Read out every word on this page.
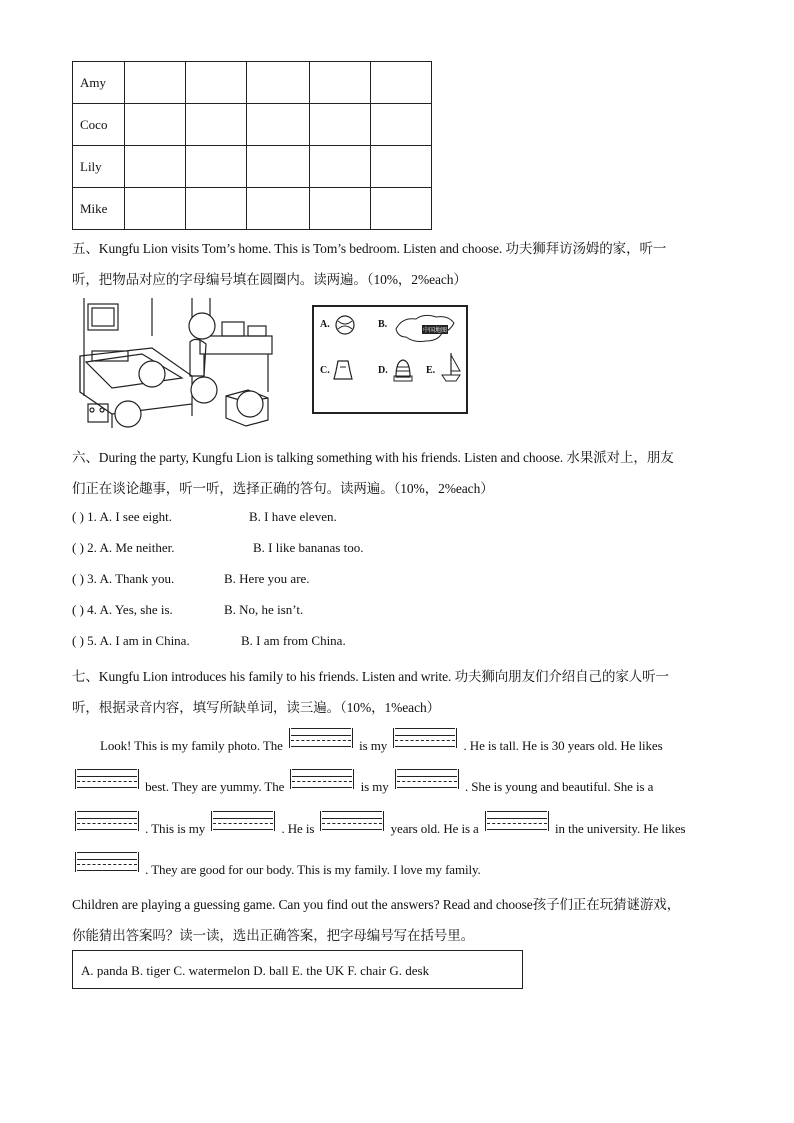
Amy					
Coco					
Lily					
Mike					
五、Kungfu Lion visits Tom’s home. This is Tom’s bedroom. Listen and choose. 功夫狮拜访汤姆的家，听一
听，把物品对应的字母编号填在圆圈内。读两遍。（10%，2%each）
A.	B.
中国地图
C.	D.	E.
六、During the party, Kungfu Lion is talking something with his friends. Listen and choose. 水果派对上，朋友
们正在谈论趣事，听一听，选择正确的答句。读两遍。（10%，2%each）
( ) 1. A. I see eight.	B. I have eleven.
( ) 2. A. Me neither.	B. I like bananas too.
( ) 3. A. Thank you.	B. Here you are.
( ) 4. A. Yes, she is.	B. No, he isn’t.
( ) 5. A. I am in China.	B. I am from China.
七、Kungfu Lion introduces his family to his friends. Listen and write. 功夫狮向朋友们介绍自己的家人听一
听，根据录音内容，填写所缺单词，读三遍。（10%，1%each）
Look! This is my family photo. The	is my	. He is tall. He is 30 years old. He likes
best. They are yummy. The	is my	. She is young and beautiful. She is a
. This is my	. He is	years old. He is a	in the university. He likes
. They are good for our body. This is my family. I love my family.
Children are playing a guessing game. Can you find out the answers? Read and choose孩子们正在玩猜谜游戏，
你能猜出答案吗？读一读，选出正确答案，把字母编号写在括号里。
A. panda B. tiger C. watermelon D. ball E. the UK F. chair G. desk
